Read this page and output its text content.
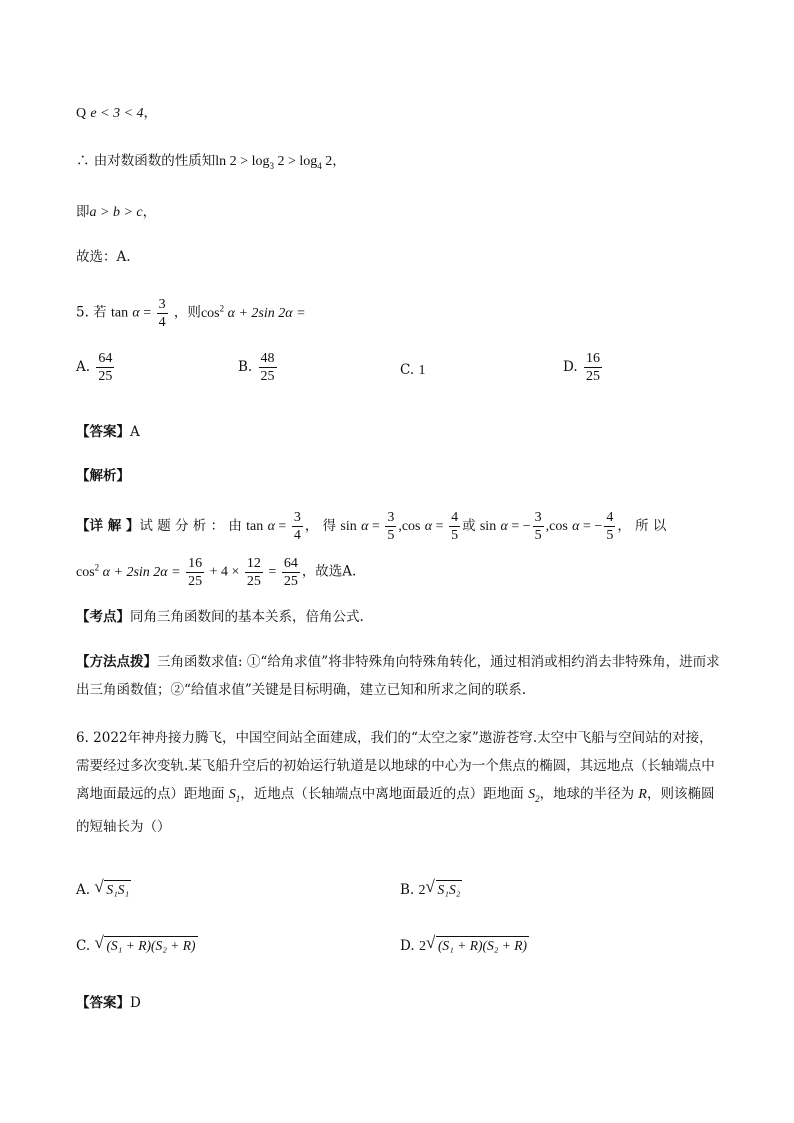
Q e < 3 < 4，
∴ 由对数函数的性质知$\ln 2 > \log_3 2 > \log_4 2$，
即a > b > c，
故选：A.
5. 若 $\tan \alpha = \frac{3}{4}$ ，则$\cos^2 \alpha + 2\sin$ 2α =
A. $\frac{64}{25}$	B. $\frac{48}{25}$	C. 1	D. $\frac{16}{25}$
【答案】A
【解析】
【详 解 】试 题 分 析 ： 由 $\tan \alpha = \frac{3}{4}$ ， 得 $\sin \alpha = \frac{3}{5} ,\cos$ $\alpha = \frac{4}{5}$ 或 sin α = − $\frac{3}{5} ,\cos$ α = − $\frac{4}{5}$ ， 所 以
$\cos^2 \alpha + 2\sin$ $2\alpha = \frac{16}{25} + 4 \times \frac{12}{25} = \frac{64}{25}$ ，故选A.
【考点】同角三角函数间的基本关系，倍角公式.
【方法点拨】三角函数求值: ①“给角求值”将非特殊角向特殊角转化，通过相消或相约消去非特殊角，进而求出三角函数值；②“给值求值”关键是目标明确，建立已知和所求之间的联系.
6. 2022年神舟接力腾飞，中国空间站全面建成，我们的“太空之家”遨游苍穹.太空中飞船与空间站的对接，需要经过多次变轨.某飞船升空后的初始运行轨道是以地球的中心为一个焦点的椭圆，其远地点（长轴端点中离地面最远的点）距地面 $S_1$，近地点（长轴端点中离地面最近的点）距地面 $S_2$，地球的半径为 R，则该椭圆的短轴长为（）
A. √ S₁S₁	B. 2 √ S₁S₂
C. √ (S₁ + R)(S₂ + R)	D. 2 √ (S₁ + R)(S₂ + R)
【答案】D
